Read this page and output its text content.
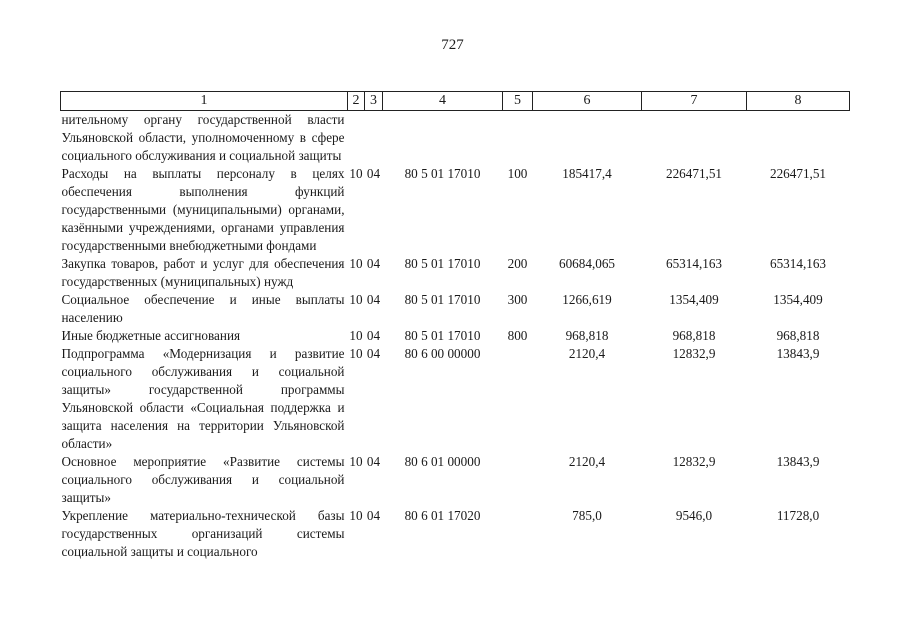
727
1	2	3	4	5	6	7	8
нительному органу государственной власти Ульяновской области, уполномоченному в сфере социального обслуживания и социальной защиты							
Расходы на выплаты персоналу в целях обеспечения выполнения функций государственными (муниципальными) органами, казёнными учреждениями, органами управления государственными внебюджетными фондами	10	04	80 5 01 17010	100	185417,4	226471,51	226471,51
Закупка товаров, работ и услуг для обеспечения государственных (муниципальных) нужд	10	04	80 5 01 17010	200	60684,065	65314,163	65314,163
Социальное обеспечение и иные выплаты населению	10	04	80 5 01 17010	300	1266,619	1354,409	1354,409
Иные бюджетные ассигнования	10	04	80 5 01 17010	800	968,818	968,818	968,818
Подпрограмма «Модернизация и развитие социального обслуживания и социальной защиты» государственной программы Ульяновской области «Социальная поддержка и защита населения на территории Ульяновской области»	10	04	80 6 00 00000		2120,4	12832,9	13843,9
Основное мероприятие «Развитие системы социального обслуживания и социальной защиты»	10	04	80 6 01 00000		2120,4	12832,9	13843,9
Укрепление материально-технической базы государственных организаций системы социальной защиты и социального	10	04	80 6 01 17020		785,0	9546,0	11728,0
